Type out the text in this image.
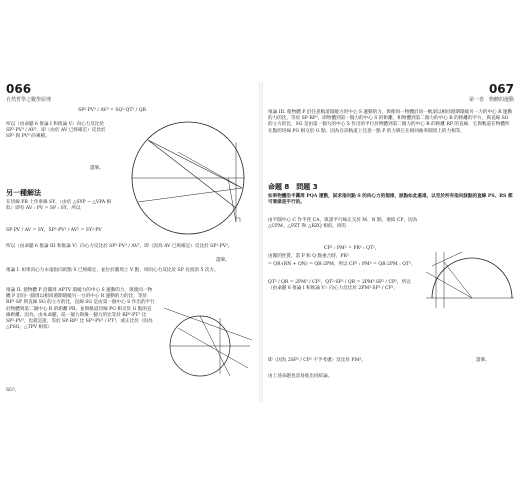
066
自然哲學之數學原理
SP²·PV³ / AV³ = SQ²·QT² / QR
所以（由命題 6 推論 I 和推論 V）向心力反比於 SP²·PV³ / AV³，即（由於 AV 已經確定）反比於 SP² 與 PV³ 的乘積。
證畢。
另一種解法
在切線 PR 上作垂線 SY，（由於 △SYP ∽ △VPA 相似）即有 AV : PV = SP : SY，所以
SP·PV / AV = SY，SP²·PV³ / AV² = SY²·PV
所以（由命題 6 推論 III 和推論 V）向心力反比於 SP²·PV³ / AV²，即（因為 AV 已經確定）反比於 SP²·PV³。
證畢。
推論 I. 如果向心力永遠指向的點 S 已經確定，並位於圓周上 V 點，則向心力反比於 SP 長度的 5 次方。
推論 II. 使物體 P 沿圓周 APTV 環繞力的中心 S 運動的力，與使同一物體 P 沿同一圓周以相同週期環繞另一力的中心 R 運動的力的比，等於 RP²·SP 與直線 SG 的立方的比，直線 SG 是由第一個中心 S 作出的平行於物體到第二個中心 R 的距離 PR，並與軌道切線 PG 相交於 G 點的直線距離。因為，由本命題，前一個力與後一個力的比等於 RP²·PT³ 比 SP²·PV³，也就是說，等於 SP·RP² 比 SP³·PV³ / PT³，或正比於（因為 △PSG、△TPV 相似）
SG³。
067
第一卷　物體的運動
推論 III. 使物體 P 沿任意軌道環繞力的中心 S 運動的力，與使同一物體沿同一軌道以相同週期環繞另一力的中心 R 運動的力的比，等於 SP·RP²，即物體到第一個力的中心 S 的距離，和物體到第二個力的中心 R 的距離的平方，與直線 SG 的立方的比，SG 是由第一個力的中心 S 作出的平行於物體到第二個力的中心 R 的距離 RP 的直線，它與軌道在物體所在點的切線 PG 相交於 G 點。因為在該軌道上任意一點 P 的力與它在相同曲率圓周上的力相等。
命題 8　問題 3
如果物體沿半圓周 PQA 運動，試求指向點 S 的向心力的規律，該點如此遙遠，以至於所有指向該點的直線 PS、RS 都可看做是平行的。
由半圓中心 C 作半徑 CA，與諸平行線正交於 M、N 點，連結 CP，因為 △CPM、△PZT 和 △RZQ 相似，則有
CP² : PM² = PR² : QT²，
由圓的性質，當 P 和 Q 點重合時，PR²
= QR·(RN + QN) = QR·2PM，所以 CP² : PM² = QR·2PM : QT²，
QT² / QR = 2PM³ / CP²，QT²·SP² / QR = 2PM³·SP² / CP²，所以（由命題 6 推論 I 和推論 V）向心力反比於 2PM³·SP² / CP²，
即（因為 2SP² / CP² 不予考慮）反比於 PM³。	證畢。
由上述命題也容易推出同結論。
